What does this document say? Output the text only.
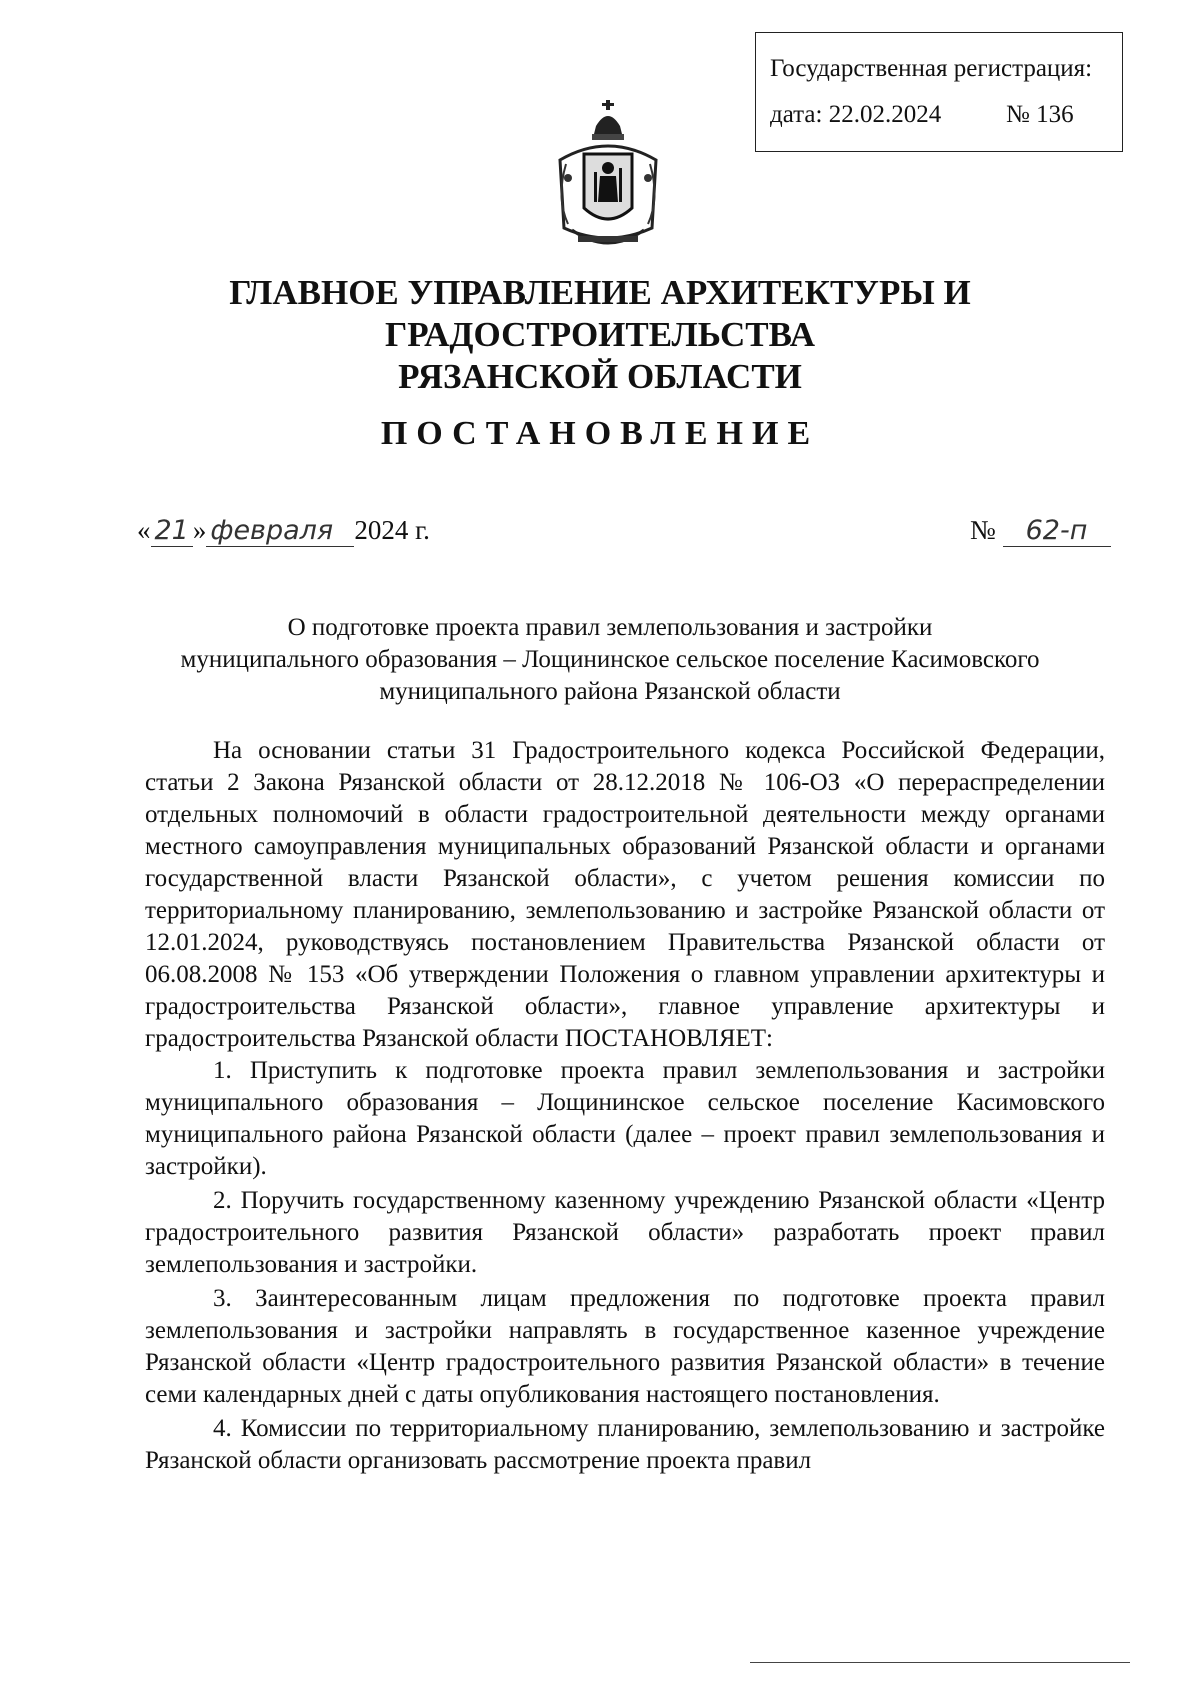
Государственная регистрация:
дата: 22.02.2024	№ 136
ГЛАВНОЕ УПРАВЛЕНИЕ АРХИТЕКТУРЫ И ГРАДОСТРОИТЕЛЬСТВА
РЯЗАНСКОЙ ОБЛАСТИ
ПОСТАНОВЛЕНИЕ
« 21 » февраля 2024 г.	№ 62-п
О подготовке проекта правил землепользования и застройки
муниципального образования – Лощининское сельское поселение Касимовского
муниципального района Рязанской области

На основании статьи 31 Градостроительного кодекса Российской Федерации, статьи 2 Закона Рязанской области от 28.12.2018 № 106-ОЗ «О перераспределении отдельных полномочий в области градостроительной деятельности между органами местного самоуправления муниципальных образований Рязанской области и органами государственной власти Рязанской области», с учетом решения комиссии по территориальному планированию, землепользованию и застройке Рязанской области от 12.01.2024, руководствуясь постановлением Правительства Рязанской области от 06.08.2008 № 153 «Об утверждении Положения о главном управлении архитектуры и градостроительства Рязанской области», главное управление архитектуры и градостроительства Рязанской области ПОСТАНОВЛЯЕТ:

1. Приступить к подготовке проекта правил землепользования и застройки муниципального образования – Лощининское сельское поселение Касимовского муниципального района Рязанской области (далее – проект правил землепользования и застройки).

2. Поручить государственному казенному учреждению Рязанской области «Центр градостроительного развития Рязанской области» разработать проект правил землепользования и застройки.

3. Заинтересованным лицам предложения по подготовке проекта правил землепользования и застройки направлять в государственное казенное учреждение Рязанской области «Центр градостроительного развития Рязанской области» в течение семи календарных дней с даты опубликования настоящего постановления.

4. Комиссии по территориальному планированию, землепользованию и застройке Рязанской области организовать рассмотрение проекта правил
